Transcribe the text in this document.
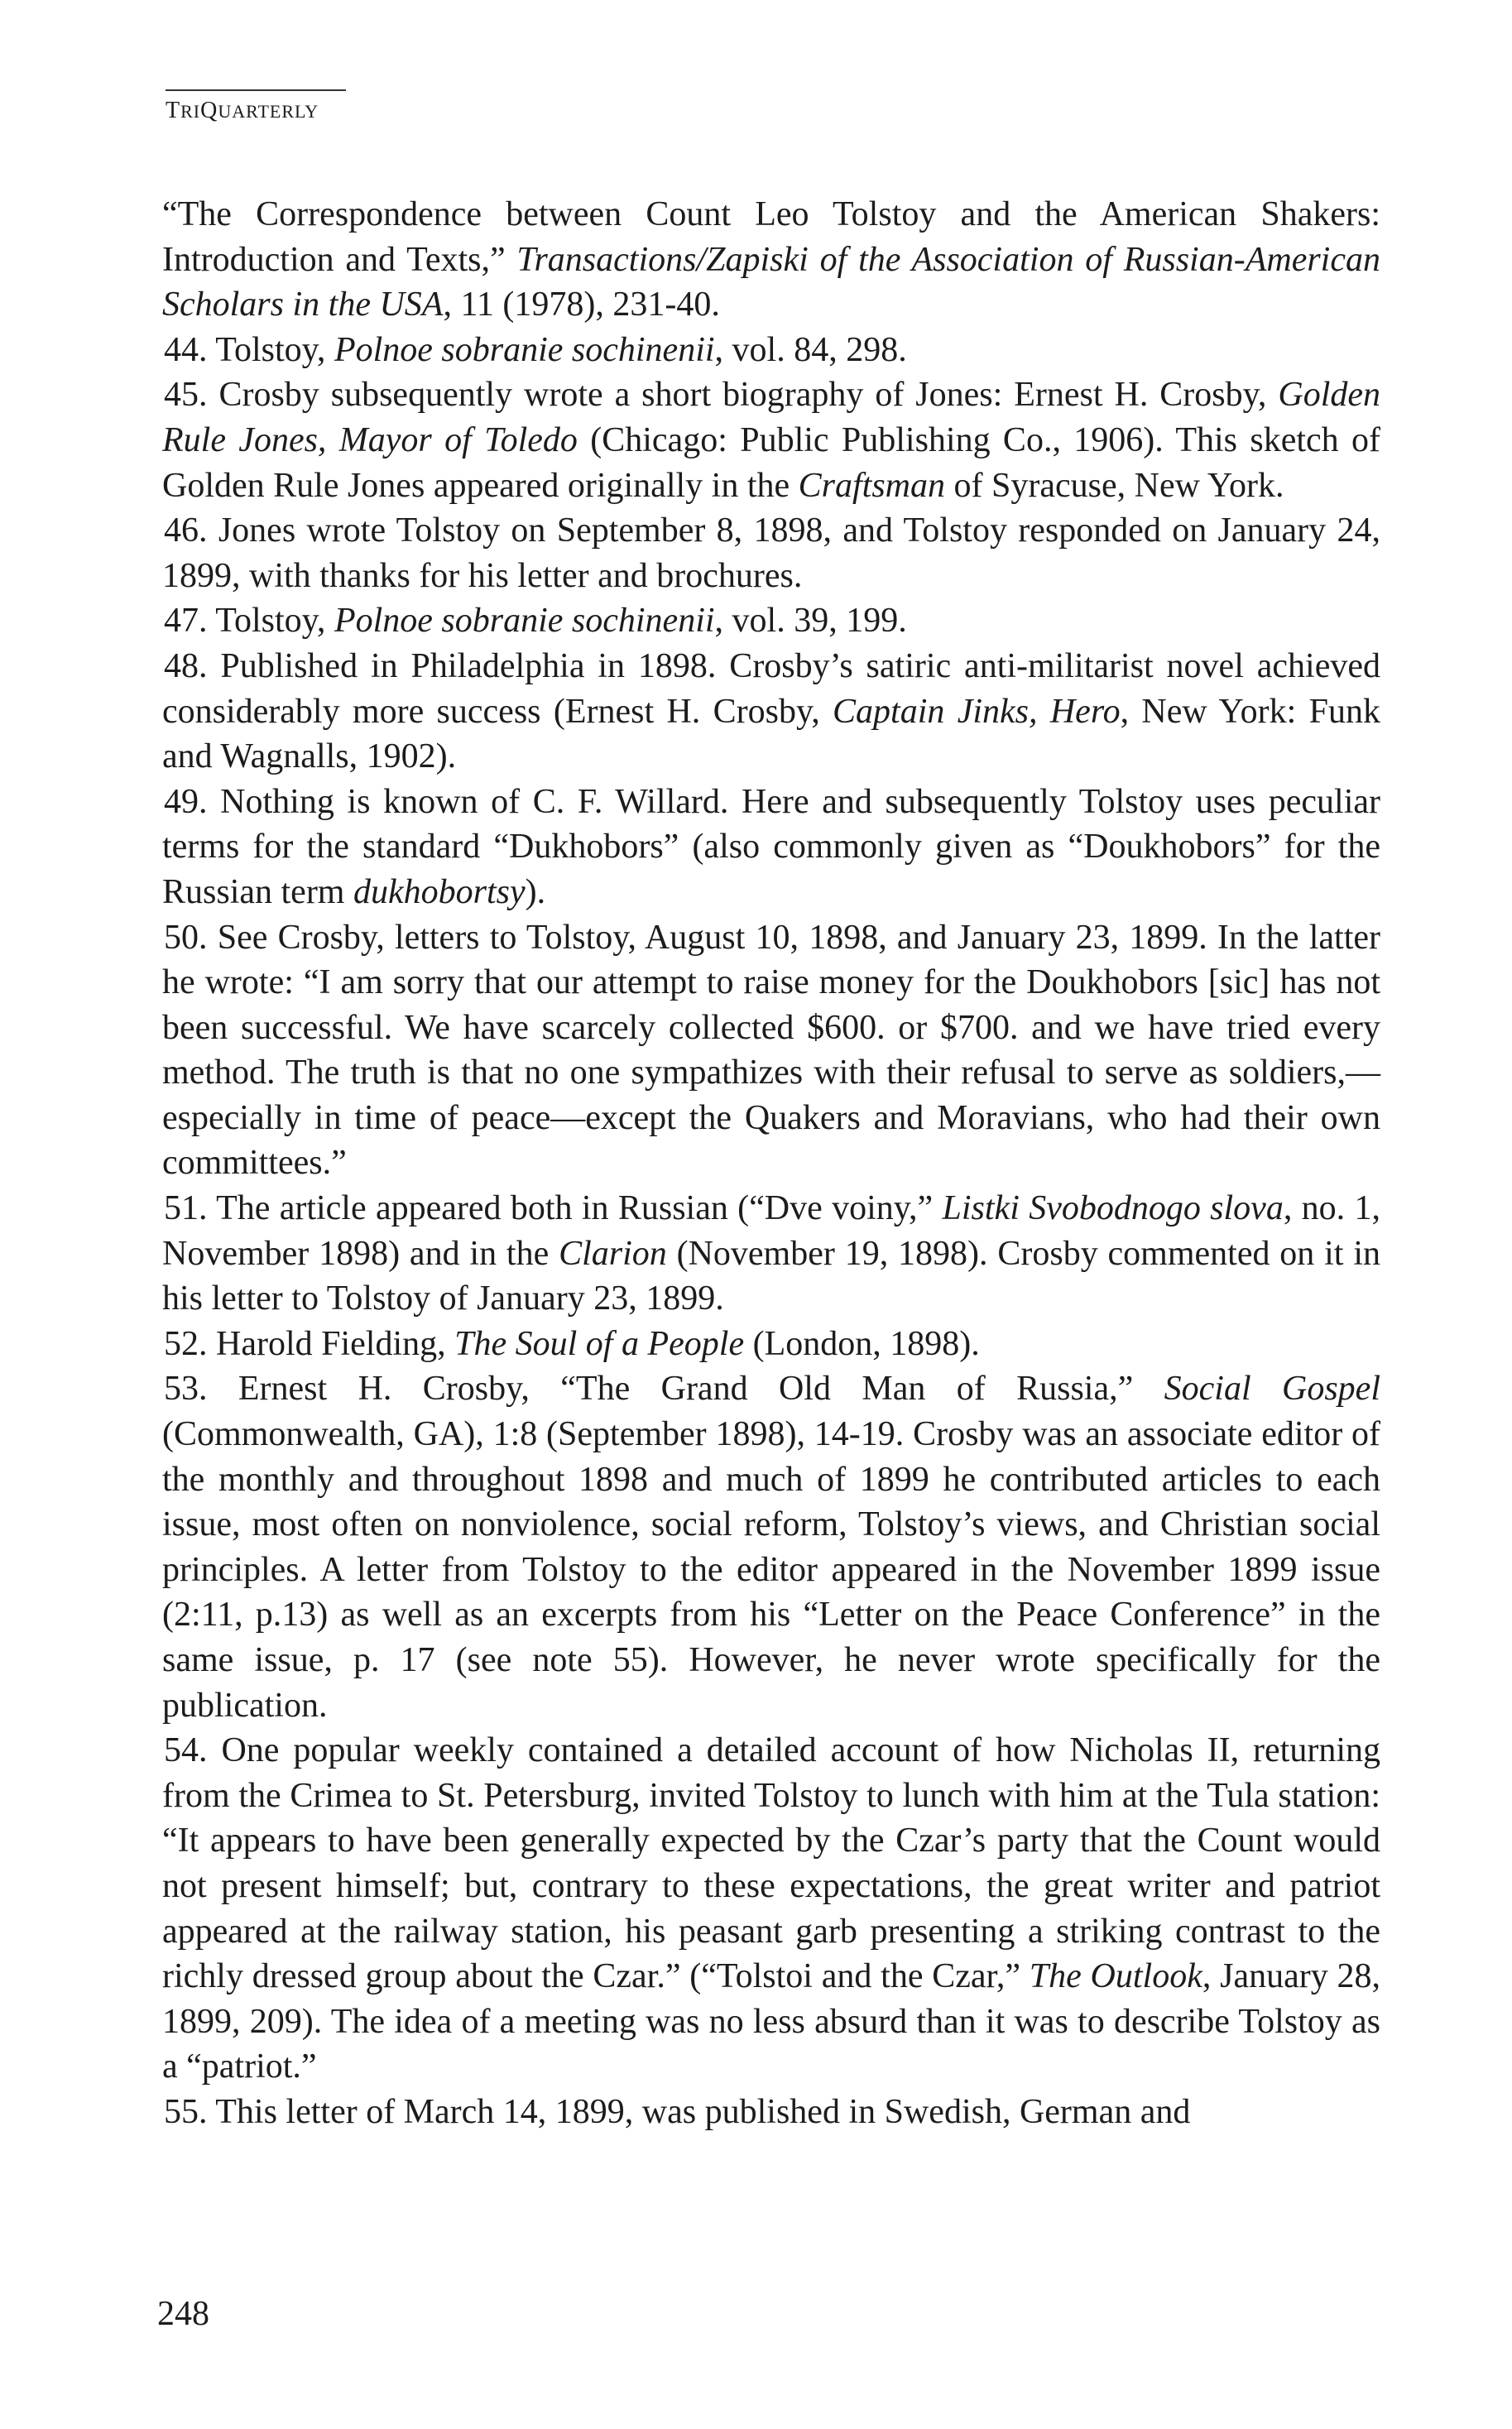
TRIQUARTERLY

“The Correspondence between Count Leo Tolstoy and the American Shakers: Introduction and Texts,” Transactions/Zapiski of the Association of Russian-American Scholars in the USA, 11 (1978), 231-40.

44. Tolstoy, Polnoe sobranie sochinenii, vol. 84, 298.

45. Crosby subsequently wrote a short biography of Jones: Ernest H. Crosby, Golden Rule Jones, Mayor of Toledo (Chicago: Public Publishing Co., 1906). This sketch of Golden Rule Jones appeared originally in the Craftsman of Syracuse, New York.

46. Jones wrote Tolstoy on September 8, 1898, and Tolstoy responded on January 24, 1899, with thanks for his letter and brochures.

47. Tolstoy, Polnoe sobranie sochinenii, vol. 39, 199.

48. Published in Philadelphia in 1898. Crosby’s satiric anti-militarist novel achieved considerably more success (Ernest H. Crosby, Captain Jinks, Hero, New York: Funk and Wagnalls, 1902).

49. Nothing is known of C. F. Willard. Here and subsequently Tolstoy uses peculiar terms for the standard “Dukhobors” (also commonly given as “Doukhobors” for the Russian term dukhobortsy).

50. See Crosby, letters to Tolstoy, August 10, 1898, and January 23, 1899. In the latter he wrote: “I am sorry that our attempt to raise money for the Doukhobors [sic] has not been successful. We have scarcely collected $600. or $700. and we have tried every method. The truth is that no one sympathizes with their refusal to serve as soldiers,—especially in time of peace—except the Quakers and Moravians, who had their own committees.”

51. The article appeared both in Russian (“Dve voiny,” Listki Svobodnogo slova, no. 1, November 1898) and in the Clarion (November 19, 1898). Crosby commented on it in his letter to Tolstoy of January 23, 1899.

52. Harold Fielding, The Soul of a People (London, 1898).

53. Ernest H. Crosby, “The Grand Old Man of Russia,” Social Gospel (Commonwealth, GA), 1:8 (September 1898), 14-19. Crosby was an associate editor of the monthly and throughout 1898 and much of 1899 he contributed articles to each issue, most often on nonviolence, social reform, Tolstoy’s views, and Christian social principles. A letter from Tolstoy to the editor appeared in the November 1899 issue (2:11, p.13) as well as an excerpts from his “Letter on the Peace Conference” in the same issue, p. 17 (see note 55). However, he never wrote specifically for the publication.

54. One popular weekly contained a detailed account of how Nicholas II, returning from the Crimea to St. Petersburg, invited Tolstoy to lunch with him at the Tula station: “It appears to have been generally expected by the Czar’s party that the Count would not present himself; but, contrary to these expectations, the great writer and patriot appeared at the railway station, his peasant garb presenting a striking contrast to the richly dressed group about the Czar.” (“Tolstoi and the Czar,” The Outlook, January 28, 1899, 209). The idea of a meeting was no less absurd than it was to describe Tolstoy as a “patriot.”

55. This letter of March 14, 1899, was published in Swedish, German and

248
